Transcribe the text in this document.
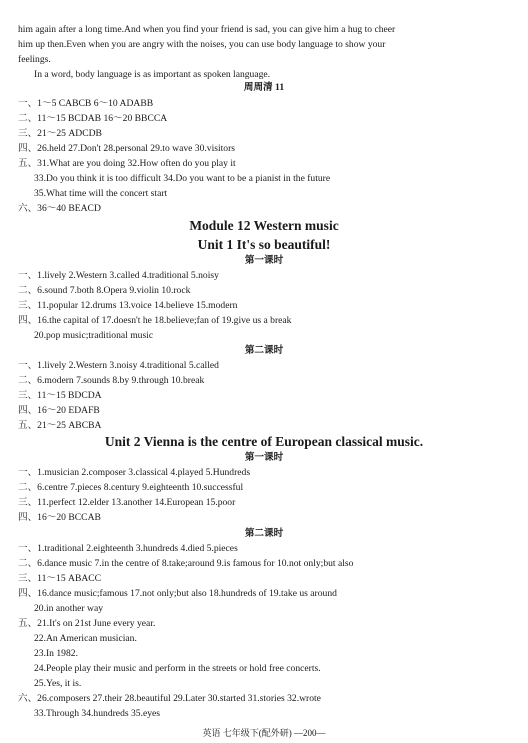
him again after a long time.And when you find your friend is sad, you can give him a hug to cheer
him up then.Even when you are angry with the noises, you can use body language to show your
feelings.
In a word, body language is as important as spoken language.
周周清 11
一、1～5 CABCB 6～10 ADABB
二、11～15 BCDAB 16～20 BBCCA
三、21～25 ADCDB
四、26.held 27.Don't 28.personal 29.to wave 30.visitors
五、31.What are you doing 32.How often do you play it
33.Do you think it is too difficult 34.Do you want to be a pianist in the future
35.What time will the concert start
六、36～40 BEACD
Module 12 Western music
Unit 1 It's so beautiful!
第一课时
一、1.lively 2.Western 3.called 4.traditional 5.noisy
二、6.sound 7.both 8.Opera 9.violin 10.rock
三、11.popular 12.drums 13.voice 14.believe 15.modern
四、16.the capital of 17.doesn't he 18.believe;fan of 19.give us a break
20.pop music;traditional music
第二课时
一、1.lively 2.Western 3.noisy 4.traditional 5.called
二、6.modern 7.sounds 8.by 9.through 10.break
三、11～15 BDCDA
四、16～20 EDAFB
五、21～25 ABCBA
Unit 2 Vienna is the centre of European classical music.
第一课时
一、1.musician 2.composer 3.classical 4.played 5.Hundreds
二、6.centre 7.pieces 8.century 9.eighteenth 10.successful
三、11.perfect 12.elder 13.another 14.European 15.poor
四、16～20 BCCAB
第二课时
一、1.traditional 2.eighteenth 3.hundreds 4.died 5.pieces
二、6.dance music 7.in the centre of 8.take;around 9.is famous for 10.not only;but also
三、11～15 ABACC
四、16.dance music;famous 17.not only;but also 18.hundreds of 19.take us around
20.in another way
五、21.It's on 21st June every year.
22.An American musician.
23.In 1982.
24.People play their music and perform in the streets or hold free concerts.
25.Yes, it is.
六、26.composers 27.their 28.beautiful 29.Later 30.started 31.stories 32.wrote
33.Through 34.hundreds 35.eyes
英语 七年级下(配外研) —200—
